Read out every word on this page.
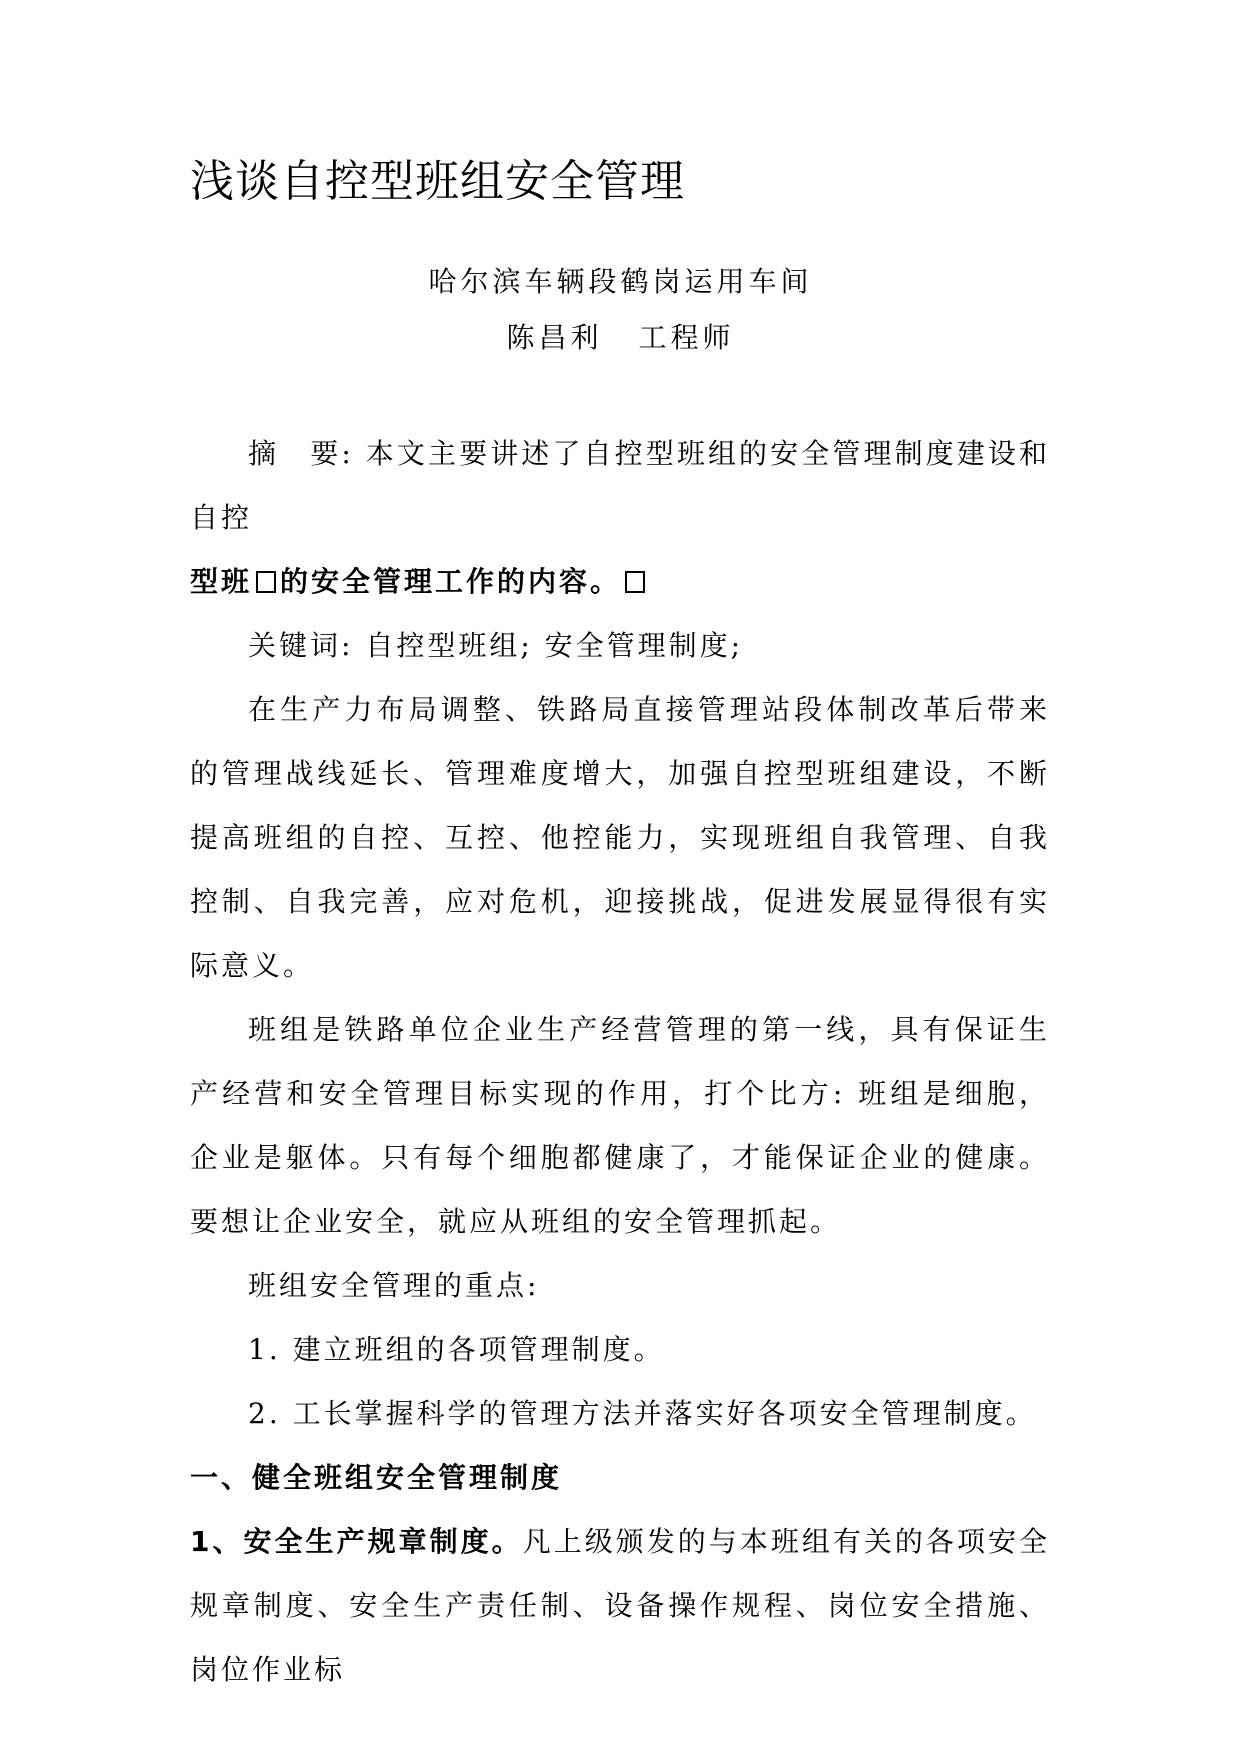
浅谈自控型班组安全管理
哈尔滨车辆段鹤岗运用车间
陈昌利 工程师

摘　要: 本文主要讲述了自控型班组的安全管理制度建设和自控

型班 的安全管理工作的内容。

关键词: 自控型班组; 安全管理制度;

在生产力布局调整、铁路局直接管理站段体制改革后带来的管理战线延长、管理难度增大，加强自控型班组建设，不断提高班组的自控、互控、他控能力，实现班组自我管理、自我控制、自我完善，应对危机，迎接挑战，促进发展显得很有实际意义。

班组是铁路单位企业生产经营管理的第一线，具有保证生产经营和安全管理目标实现的作用，打个比方: 班组是细胞，企业是躯体。只有每个细胞都健康了，才能保证企业的健康。要想让企业安全，就应从班组的安全管理抓起。

班组安全管理的重点:

1. 建立班组的各项管理制度。

2. 工长掌握科学的管理方法并落实好各项安全管理制度。

一、健全班组安全管理制度

1、安全生产规章制度。凡上级颁发的与本班组有关的各项安全规章制度、安全生产责任制、设备操作规程、岗位安全措施、岗位作业标
